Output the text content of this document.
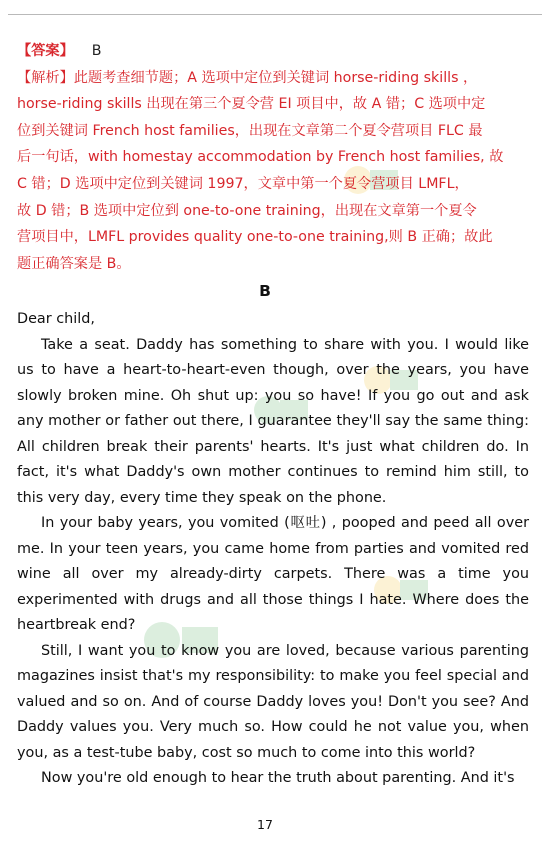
【答案】 B
【解析】此题考查细节题；A 选项中定位到关键词 horse-riding skills ，
horse-riding skills 出现在第三个夏令营 EI 项目中，故 A 错；C 选项中定
位到关键词 French host families，出现在文章第二个夏令营项目 FLC 最
后一句话，with homestay accommodation by French host families, 故
C 错；D 选项中定位到关键词 1997，文章中第一个夏令营项目 LMFL，
故 D 错；B 选项中定位到 one-to-one training，出现在文章第一个夏令
营项目中，LMFL provides quality one-to-one training,则 B 正确；故此
题正确答案是 B。
B

Dear child,

Take a seat. Daddy has something to share with you. I would like us to have a heart-to-heart-even though, over the years, you have slowly broken mine. Oh shut up: you so have! If you go out and ask any mother or father out there, I guarantee they'll say the same thing: All children break their parents' hearts. It's just what children do. In fact, it's what Daddy's own mother continues to remind him still, to this very day, every time they speak on the phone.

In your baby years, you vomited (呕吐) , pooped and peed all over me. In your teen years, you came home from parties and vomited red wine all over my already-dirty carpets. There was a time you experimented with drugs and all those things I hate. Where does the heartbreak end?

Still, I want you to know you are loved, because various parenting magazines insist that's my responsibility: to make you feel special and valued and so on. And of course Daddy loves you! Don't you see? And Daddy values you. Very much so. How could he not value you, when you, as a test-tube baby, cost so much to come into this world?

Now you're old enough to hear the truth about parenting. And it's

17
